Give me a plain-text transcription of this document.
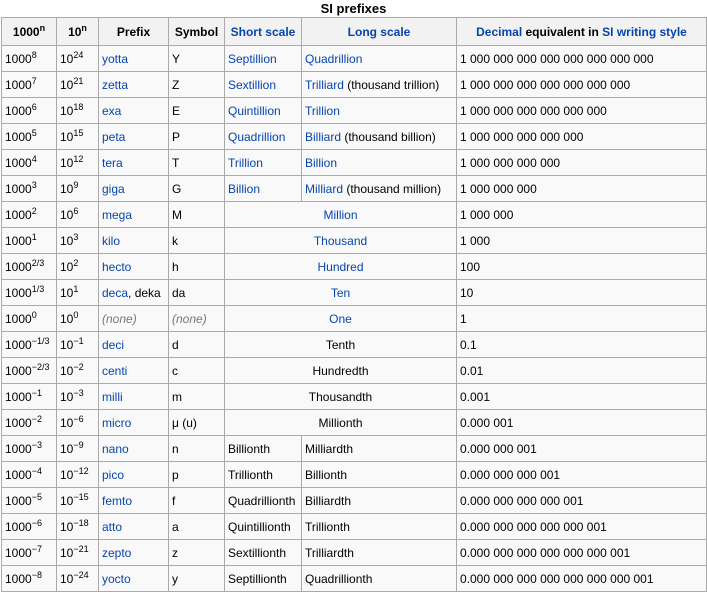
SI prefixes
1000$^n$	10$^n$	Prefix	Symbol	Short scale	Long scale	Decimal equivalent in SI writing style
1000$^8$	$10^{24}$	yotta	Y	Septillion	Quadrillion	1 000 000 000 000 000 000 000 000
1000$^7$	$10^{21}$	zetta	Z	Sextillion	Trilliard (thousand trillion)	1 000 000 000 000 000 000 000
1000$^6$	$10^{18}$	exa	E	Quintillion	Trillion	1 000 000 000 000 000 000
1000$^5$	$10^{15}$	peta	P	Quadrillion	Billiard (thousand billion)	1 000 000 000 000 000
1000$^4$	$10^{12}$	tera	T	Trillion	Billion	1 000 000 000 000
1000$^3$	$10^9$	giga	G	Billion	Milliard (thousand million)	1 000 000 000
1000$^2$	$10^6$	mega	M	Million		1 000 000
1000$^1$	$10^3$	kilo	k	Thousand		1 000
$1000^{2/3}$	$10^2$	hecto	h	Hundred		100
$1000^{1/3}$	$10^1$	deca, deka	da	Ten		10
1000$^0$	$10^0$	(none)	(none)	One		1
$1000^{-1/3}$	$10^{-1}$	deci	d	Tenth		0.1
$1000^{-2/3}$	$10^{-2}$	centi	c	Hundredth		0.01
$1000^{-1}$	$10^{-3}$	milli	m	Thousandth		0.001
$1000^{-2}$	$10^{-6}$	micro	μ (u)	Millionth		0.000 001
$1000^{-3}$	$10^{-9}$	nano	n	Billionth	Milliardth	0.000 000 001
$1000^{-4}$	$10^{-12}$	pico	p	Trillionth	Billionth	0.000 000 000 001
$1000^{-5}$	$10^{-15}$	femto	f	Quadrillionth	Billiardth	0.000 000 000 000 001
$1000^{-6}$	$10^{-18}$	atto	a	Quintillionth	Trillionth	0.000 000 000 000 000 001
$1000^{-7}$	$10^{-21}$	zepto	z	Sextillionth	Trilliardth	0.000 000 000 000 000 000 001
$1000^{-8}$	$10^{-24}$	yocto	y	Septillionth	Quadrillionth	0.000 000 000 000 000 000 000 001
